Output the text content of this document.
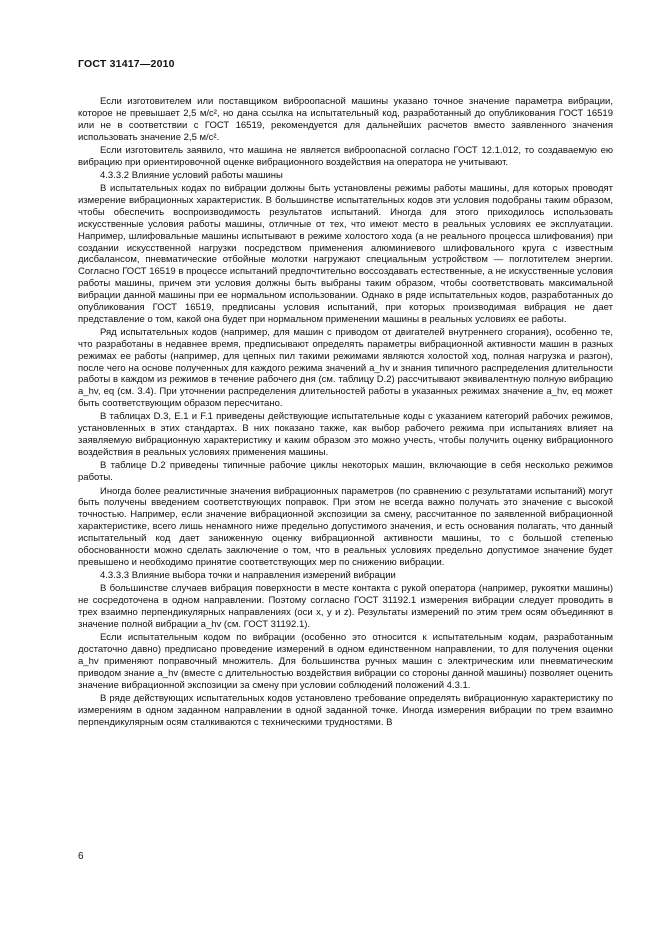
ГОСТ 31417—2010

Если изготовителем или поставщиком виброопасной машины указано точное значение параметра вибрации, которое не превышает 2,5 м/с², но дана ссылка на испытательный код, разработанный до опубликования ГОСТ 16519 или не в соответствии с ГОСТ 16519, рекомендуется для дальнейших расчетов вместо заявленного значения использовать значение 2,5 м/с².

Если изготовитель заявило, что машина не является виброопасной согласно ГОСТ 12.1.012, то создаваемую ею вибрацию при ориентировочной оценке вибрационного воздействия на оператора не учитывают.

4.3.3.2 Влияние условий работы машины

В испытательных кодах по вибрации должны быть установлены режимы работы машины, для которых проводят измерение вибрационных характеристик. В большинстве испытательных кодов эти условия подобраны таким образом, чтобы обеспечить воспроизводимость результатов испытаний. Иногда для этого приходилось использовать искусственные условия работы машины, отличные от тех, что имеют место в реальных условиях ее эксплуатации. Например, шлифовальные машины испытывают в режиме холостого хода (а не реального процесса шлифования) при создании искусственной нагрузки посредством применения алюминиевого шлифовального круга с известным дисбалансом, пневматические отбойные молотки нагружают специальным устройством — поглотителем энергии. Согласно ГОСТ 16519 в процессе испытаний предпочтительно воссоздавать естественные, а не искусственные условия работы машины, причем эти условия должны быть выбраны таким образом, чтобы соответствовать максимальной вибрации данной машины при ее нормальном использовании. Однако в ряде испытательных кодов, разработанных до опубликования ГОСТ 16519, предписаны условия испытаний, при которых производимая вибрация не дает представление о том, какой она будет при нормальном применении машины в реальных условиях ее работы.

Ряд испытательных кодов (например, для машин с приводом от двигателей внутреннего сгорания), особенно те, что разработаны в недавнее время, предписывают определять параметры вибрационной активности машин в разных режимах ее работы (например, для цепных пил такими режимами являются холостой ход, полная нагрузка и разгон), после чего на основе полученных для каждого режима значений a_hv и знания типичного распределения длительности работы в каждом из режимов в течение рабочего дня (см. таблицу D.2) рассчитывают эквивалентную полную вибрацию a_hv, eq (см. 3.4). При уточнении распределения длительностей работы в указанных режимах значение a_hv, eq может быть соответствующим образом пересчитано.

В таблицах D.3, E.1 и F.1 приведены действующие испытательные коды с указанием категорий рабочих режимов, установленных в этих стандартах. В них показано также, как выбор рабочего режима при испытаниях влияет на заявляемую вибрационную характеристику и каким образом это можно учесть, чтобы получить оценку вибрационного воздействия в реальных условиях применения машины.

В таблице D.2 приведены типичные рабочие циклы некоторых машин, включающие в себя несколько режимов работы.

Иногда более реалистичные значения вибрационных параметров (по сравнению с результатами испытаний) могут быть получены введением соответствующих поправок. При этом не всегда важно получать это значение с высокой точностью. Например, если значение вибрационной экспозиции за смену, рассчитанное по заявленной вибрационной характеристике, всего лишь ненамного ниже предельно допустимого значения, и есть основания полагать, что данный испытательный код дает заниженную оценку вибрационной активности машины, то с большой степенью обоснованности можно сделать заключение о том, что в реальных условиях предельно допустимое значение будет превышено и необходимо принятие соответствующих мер по снижению вибрации.

4.3.3.3 Влияние выбора точки и направления измерений вибрации

В большинстве случаев вибрация поверхности в месте контакта с рукой оператора (например, рукоятки машины) не сосредоточена в одном направлении. Поэтому согласно ГОСТ 31192.1 измерения вибрации следует проводить в трех взаимно перпендикулярных направлениях (оси x, y и z). Результаты измерений по этим трем осям объединяют в значение полной вибрации a_hv (см. ГОСТ 31192.1).

Если испытательным кодом по вибрации (особенно это относится к испытательным кодам, разработанным достаточно давно) предписано проведение измерений в одном единственном направлении, то для получения оценки a_hv применяют поправочный множитель. Для большинства ручных машин с электрическим или пневматическим приводом знание a_hv (вместе с длительностью воздействия вибрации со стороны данной машины) позволяет оценить значение вибрационной экспозиции за смену при условии соблюдений положений 4.3.1.

В ряде действующих испытательных кодов установлено требование определять вибрационную характеристику по измерениям в одном заданном направлении в одной заданной точке. Иногда измерения вибрации по трем взаимно перпендикулярным осям сталкиваются с техническими трудностями. В

6
